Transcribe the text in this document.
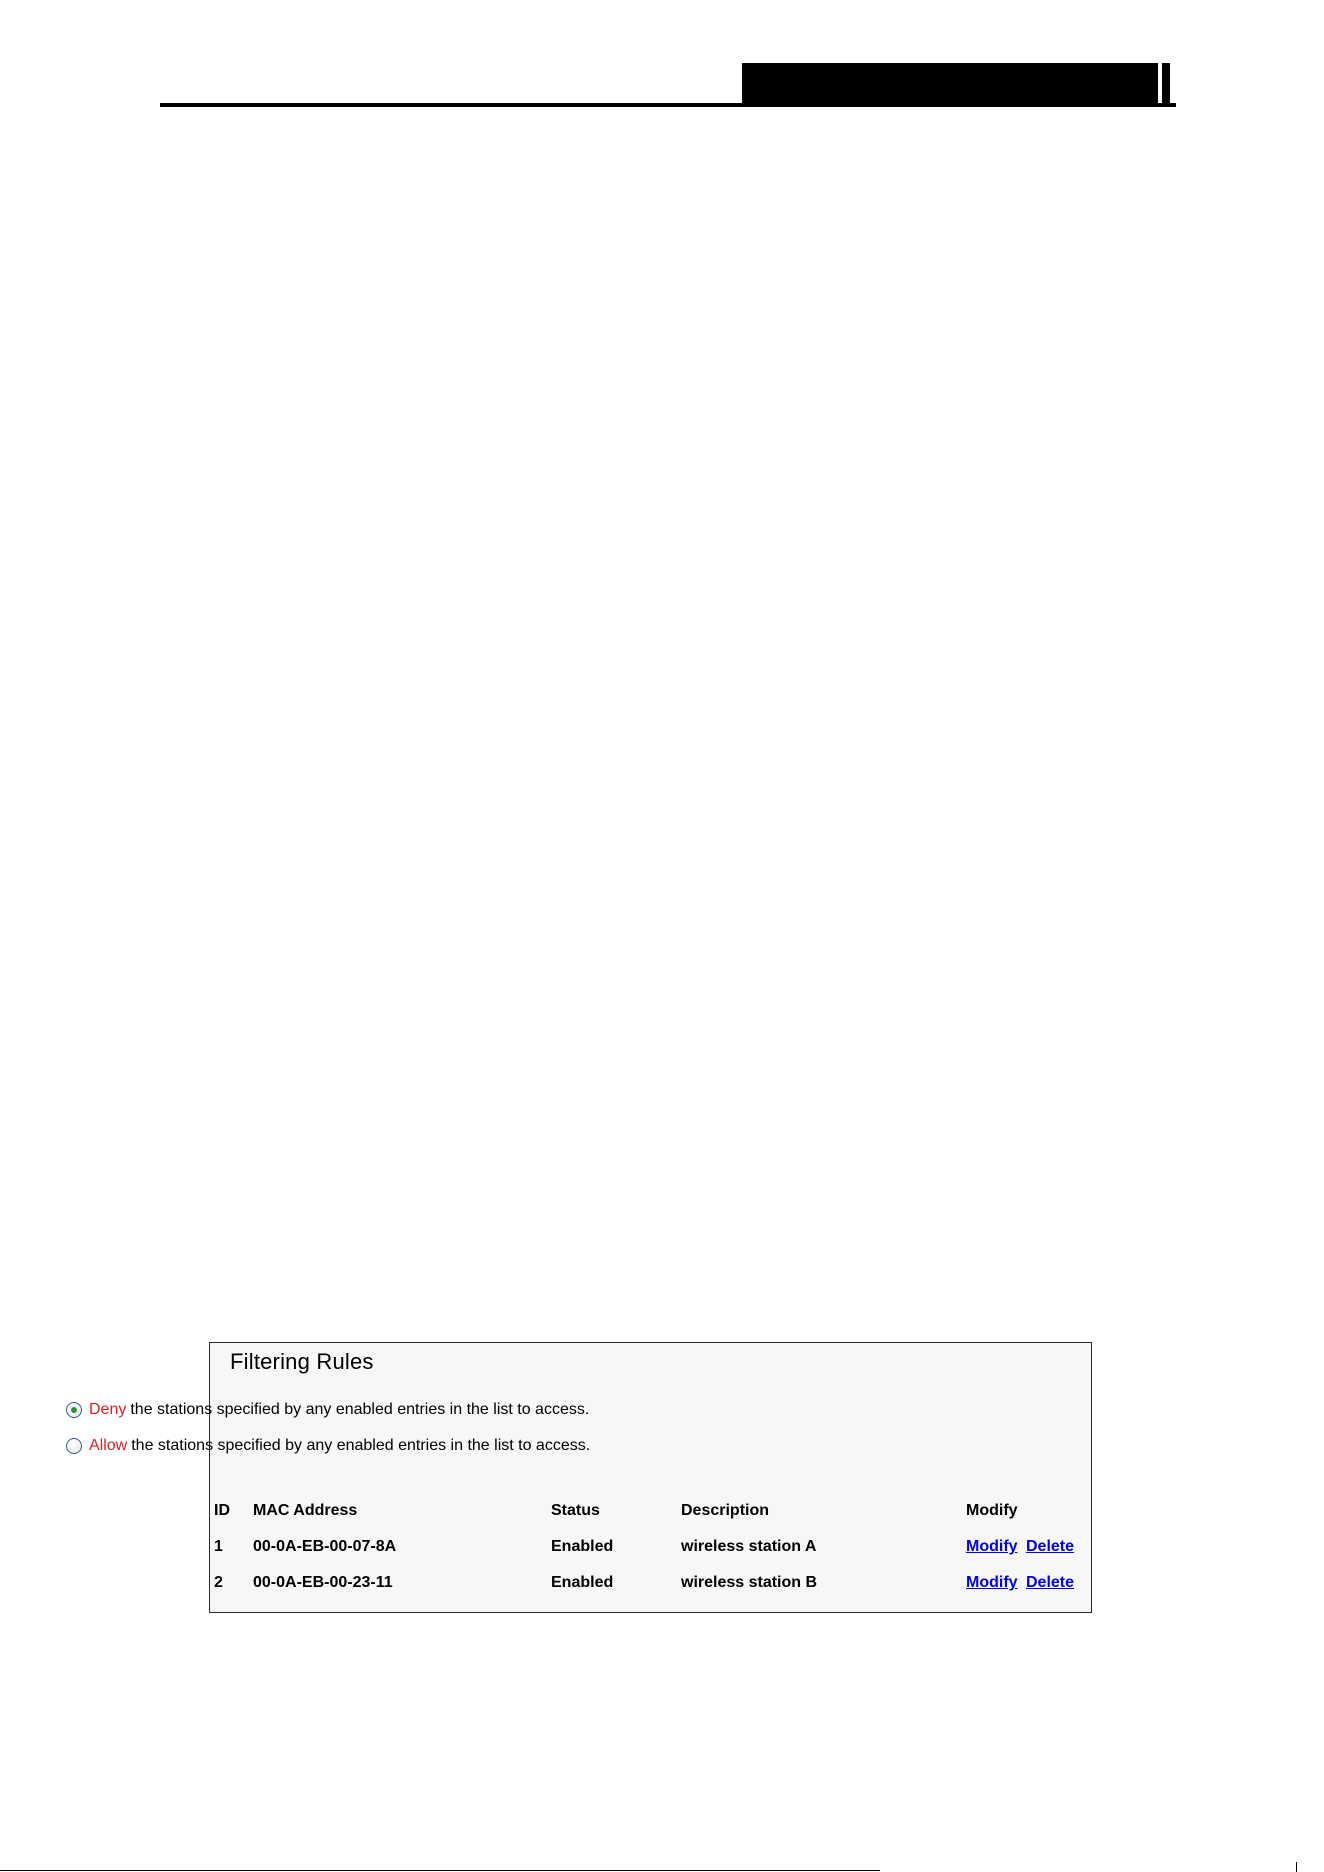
Filtering Rules
Deny the stations specified by any enabled entries in the list to access.
Allow the stations specified by any enabled entries in the list to access.
ID MAC Address	Status	Description	Modify
1 00-0A-EB-00-07-8A	Enabled	wireless station A	Modify Delete
2 00-0A-EB-00-23-11	Enabled	wireless station B	Modify Delete
